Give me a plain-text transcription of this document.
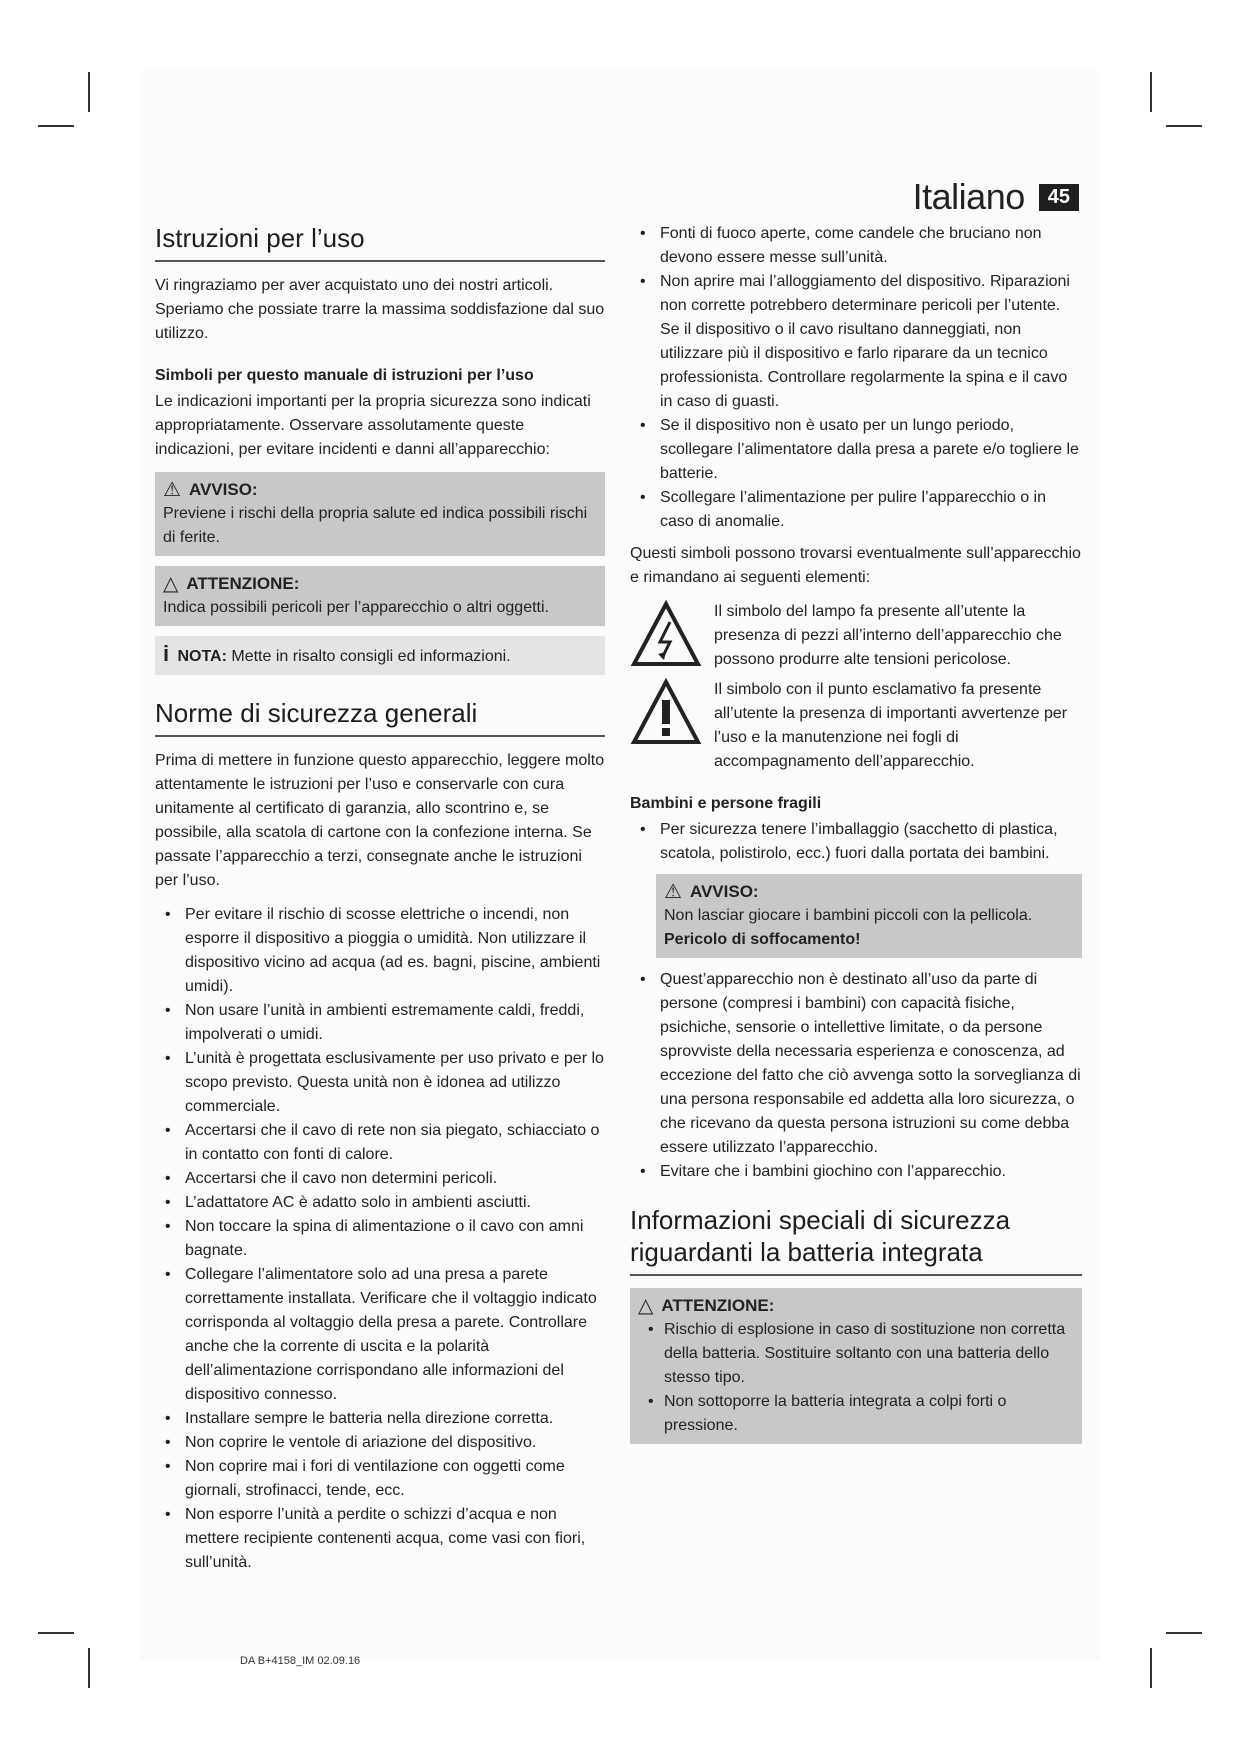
Italiano	45
Istruzioni per l’uso

Vi ringraziamo per aver acquistato uno dei nostri articoli. Speriamo che possiate trarre la massima soddisfazione dal suo utilizzo.

Simboli per questo manuale di istruzioni per l’uso

Le indicazioni importanti per la propria sicurezza sono indicati appropriatamente. Osservare assolutamente queste indicazioni, per evitare incidenti e danni all’apparecchio:

⚠ AVVISO:

Previene i rischi della propria salute ed indica possibili rischi di ferite.

△ ATTENZIONE:

Indica possibili pericoli per l’apparecchio o altri oggetti.

i NOTA: Mette in risalto consigli ed informazioni.
Norme di sicurezza generali

Prima di mettere in funzione questo apparecchio, leggere molto attentamente le istruzioni per l’uso e conservarle con cura unitamente al certificato di garanzia, allo scontrino e, se possibile, alla scatola di cartone con la confezione interna. Se passate l’apparecchio a terzi, consegnate anche le istruzioni per l’uso.

• Per evitare il rischio di scosse elettriche o incendi, non esporre il dispositivo a pioggia o umidità. Non utilizzare il dispositivo vicino ad acqua (ad es. bagni, piscine, ambienti umidi).
• Non usare l’unità in ambienti estremamente caldi, freddi, impolverati o umidi.
• L’unità è progettata esclusivamente per uso privato e per lo scopo previsto. Questa unità non è idonea ad utilizzo commerciale.
• Accertarsi che il cavo di rete non sia piegato, schiacciato o in contatto con fonti di calore.
• Accertarsi che il cavo non determini pericoli.
• L’adattatore AC è adatto solo in ambienti asciutti.
• Non toccare la spina di alimentazione o il cavo con amni bagnate.
• Collegare l’alimentatore solo ad una presa a parete correttamente installata. Verificare che il voltaggio indicato corrisponda al voltaggio della presa a parete. Controllare anche che la corrente di uscita e la polarità dell’alimentazione corrispondano alle informazioni del dispositivo connesso.
• Installare sempre le batteria nella direzione corretta.
• Non coprire le ventole di ariazione del dispositivo.
• Non coprire mai i fori di ventilazione con oggetti come giornali, strofinacci, tende, ecc.
• Non esporre l’unità a perdite o schizzi d’acqua e non mettere recipiente contenenti acqua, come vasi con fiori, sull’unità.
• Fonti di fuoco aperte, come candele che bruciano non devono essere messe sull’unità.
• Non aprire mai l’alloggiamento del dispositivo. Riparazioni non corrette potrebbero determinare pericoli per l’utente. Se il dispositivo o il cavo risultano danneggiati, non utilizzare più il dispositivo e farlo riparare da un tecnico professionista. Controllare regolarmente la spina e il cavo in caso di guasti.
• Se il dispositivo non è usato per un lungo periodo, scollegare l’alimentatore dalla presa a parete e/o togliere le batterie.
• Scollegare l’alimentazione per pulire l’apparecchio o in caso di anomalie.

Questi simboli possono trovarsi eventualmente sull’apparecchio e rimandano ai seguenti elementi:

Il simbolo del lampo fa presente all’utente la presenza di pezzi all’interno dell’apparecchio che possono produrre alte tensioni pericolose.
Il simbolo con il punto esclamativo fa presente all’utente la presenza di importanti avvertenze per l’uso e la manutenzione nei fogli di accompagnamento dell’apparecchio.
Bambini e persone fragili
• Per sicurezza tenere l’imballaggio (sacchetto di plastica, scatola, polistirolo, ecc.) fuori dalla portata dei bambini.
⚠ AVVISO:

Non lasciar giocare i bambini piccoli con la pellicola.

Pericolo di soffocamento!

• Quest’apparecchio non è destinato all’uso da parte di persone (compresi i bambini) con capacità fisiche, psichiche, sensorie o intellettive limitate, o da persone sprovviste della necessaria esperienza e conoscenza, ad eccezione del fatto che ciò avvenga sotto la sorveglianza di una persona responsabile ed addetta alla loro sicurezza, o che ricevano da questa persona istruzioni su come debba essere utilizzato l’apparecchio.
• Evitare che i bambini giochino con l’apparecchio.
Informazioni speciali di sicurezza riguardanti la batteria integrata
△ ATTENZIONE:
• Rischio di esplosione in caso di sostituzione non corretta della batteria. Sostituire soltanto con una batteria dello stesso tipo.
• Non sottoporre la batteria integrata a colpi forti o pressione.
DA B+4158_IM 02.09.16
